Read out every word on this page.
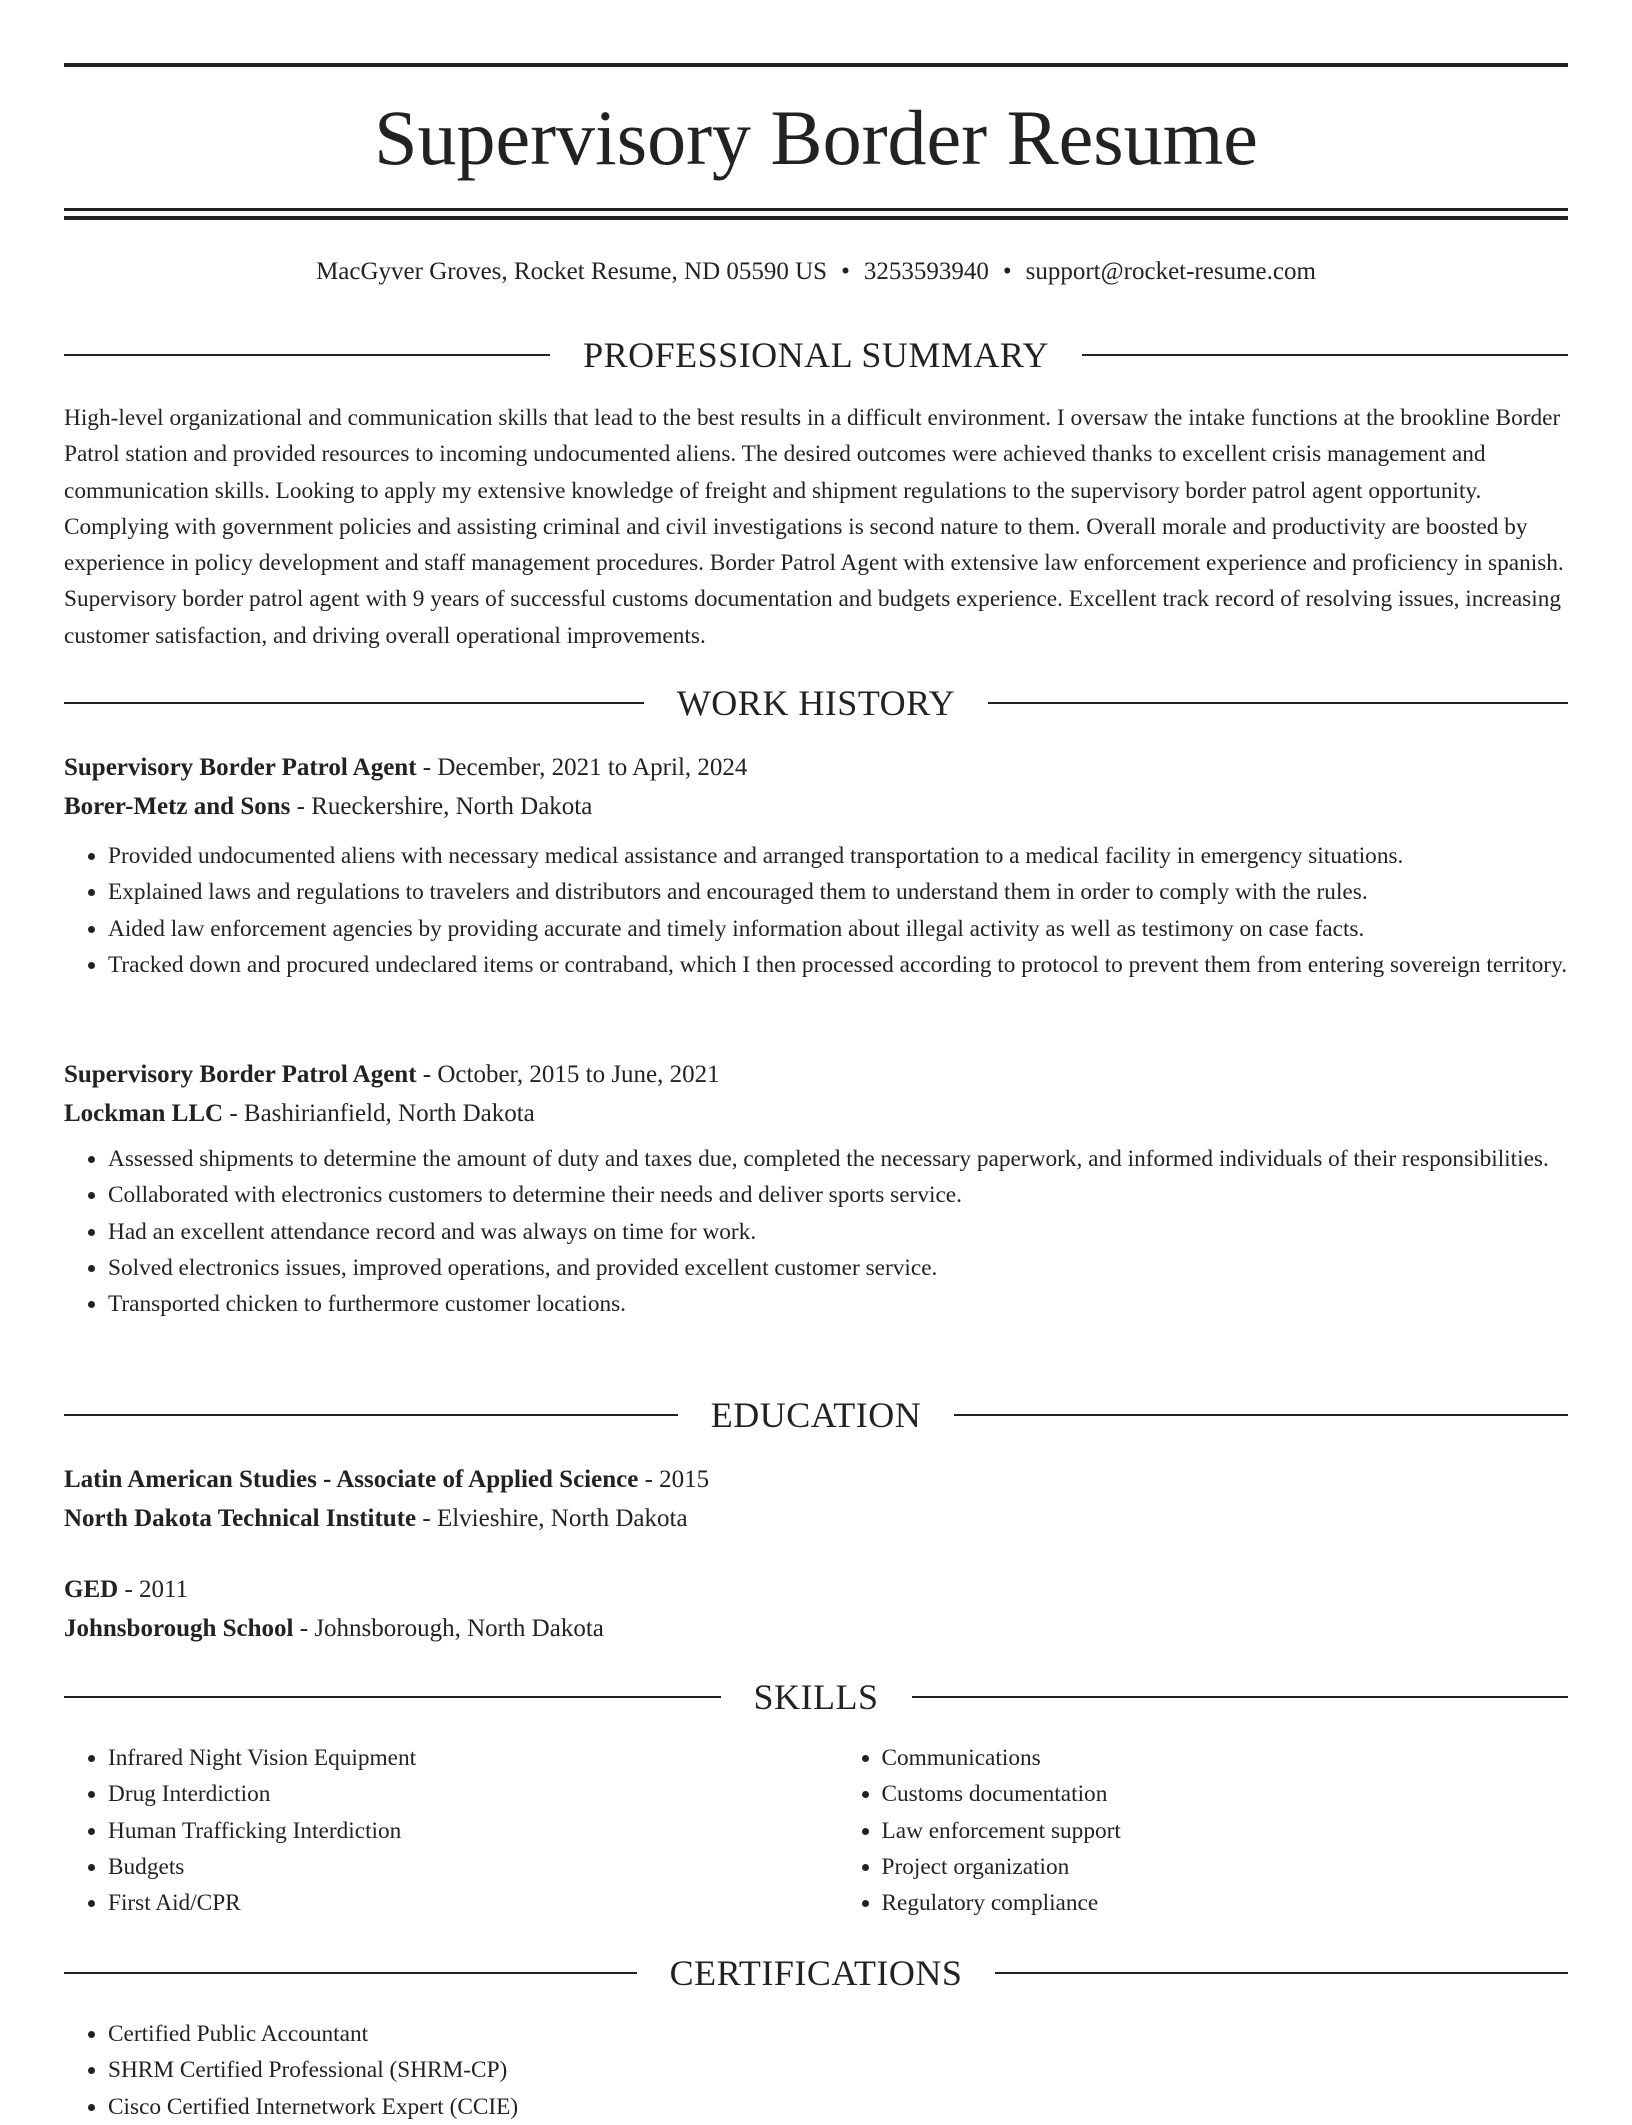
Supervisory Border Resume
MacGyver Groves, Rocket Resume, ND 05590 US • 3253593940 • support@rocket-resume.com
PROFESSIONAL SUMMARY
High-level organizational and communication skills that lead to the best results in a difficult environment. I oversaw the intake functions at the brookline Border Patrol station and provided resources to incoming undocumented aliens. The desired outcomes were achieved thanks to excellent crisis management and communication skills. Looking to apply my extensive knowledge of freight and shipment regulations to the supervisory border patrol agent opportunity. Complying with government policies and assisting criminal and civil investigations is second nature to them. Overall morale and productivity are boosted by experience in policy development and staff management procedures. Border Patrol Agent with extensive law enforcement experience and proficiency in spanish. Supervisory border patrol agent with 9 years of successful customs documentation and budgets experience. Excellent track record of resolving issues, increasing customer satisfaction, and driving overall operational improvements.
WORK HISTORY
Supervisory Border Patrol Agent - December, 2021 to April, 2024
Borer-Metz and Sons - Rueckershire, North Dakota
• Provided undocumented aliens with necessary medical assistance and arranged transportation to a medical facility in emergency situations.
• Explained laws and regulations to travelers and distributors and encouraged them to understand them in order to comply with the rules.
• Aided law enforcement agencies by providing accurate and timely information about illegal activity as well as testimony on case facts.
• Tracked down and procured undeclared items or contraband, which I then processed according to protocol to prevent them from entering sovereign territory.
Supervisory Border Patrol Agent - October, 2015 to June, 2021
Lockman LLC - Bashirianfield, North Dakota
• Assessed shipments to determine the amount of duty and taxes due, completed the necessary paperwork, and informed individuals of their responsibilities.
• Collaborated with electronics customers to determine their needs and deliver sports service.
• Had an excellent attendance record and was always on time for work.
• Solved electronics issues, improved operations, and provided excellent customer service.
• Transported chicken to furthermore customer locations.
EDUCATION
Latin American Studies - Associate of Applied Science - 2015
North Dakota Technical Institute - Elvieshire, North Dakota
GED - 2011
Johnsborough School - Johnsborough, North Dakota
SKILLS
• Infrared Night Vision Equipment
• Drug Interdiction
• Human Trafficking Interdiction
• Budgets
• First Aid/CPR
• Communications
• Customs documentation
• Law enforcement support
• Project organization
• Regulatory compliance
CERTIFICATIONS
• Certified Public Accountant
• SHRM Certified Professional (SHRM-CP)
• Cisco Certified Internetwork Expert (CCIE)
